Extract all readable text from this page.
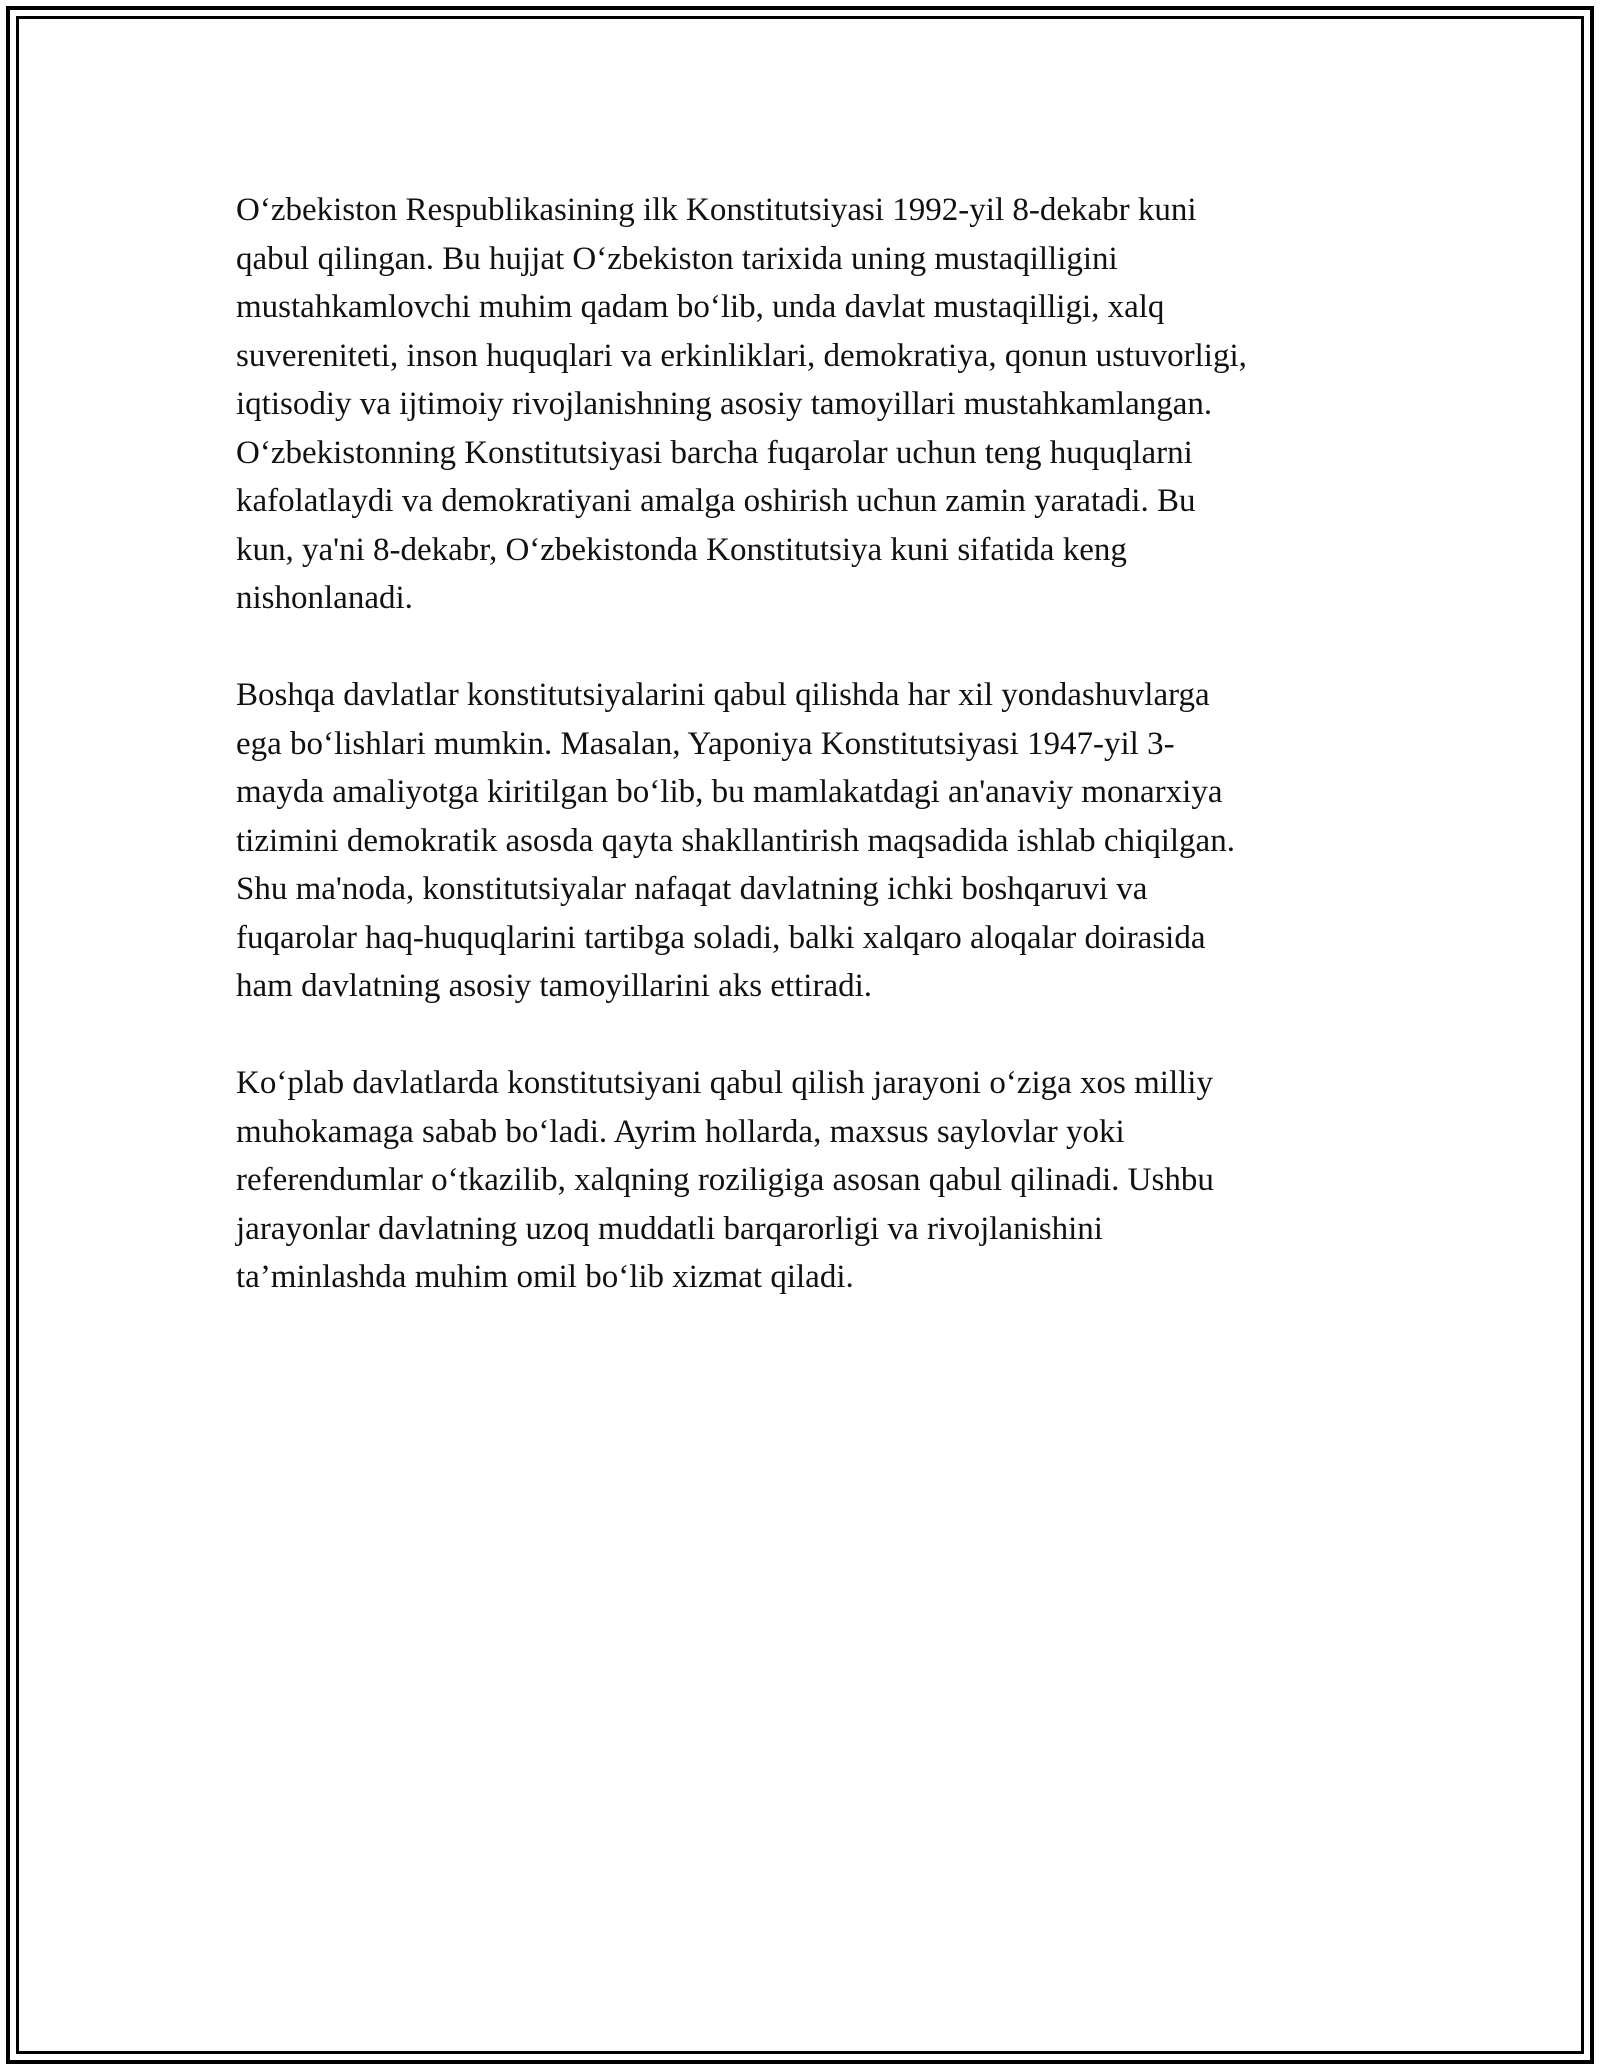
O‘zbekiston Respublikasining ilk Konstitutsiyasi 1992-yil 8-dekabr kuni
qabul qilingan. Bu hujjat O‘zbekiston tarixida uning mustaqilligini
mustahkamlovchi muhim qadam bo‘lib, unda davlat mustaqilligi, xalq
suvereniteti, inson huquqlari va erkinliklari, demokratiya, qonun ustuvorligi,
iqtisodiy va ijtimoiy rivojlanishning asosiy tamoyillari mustahkamlangan.
O‘zbekistonning Konstitutsiyasi barcha fuqarolar uchun teng huquqlarni
kafolatlaydi va demokratiyani amalga oshirish uchun zamin yaratadi. Bu
kun, ya'ni 8-dekabr, O‘zbekistonda Konstitutsiya kuni sifatida keng
nishonlanadi.

Boshqa davlatlar konstitutsiyalarini qabul qilishda har xil yondashuvlarga
ega bo‘lishlari mumkin. Masalan, Yaponiya Konstitutsiyasi 1947-yil 3-
mayda amaliyotga kiritilgan bo‘lib, bu mamlakatdagi an'anaviy monarxiya
tizimini demokratik asosda qayta shakllantirish maqsadida ishlab chiqilgan.
Shu ma'noda, konstitutsiyalar nafaqat davlatning ichki boshqaruvi va
fuqarolar haq-huquqlarini tartibga soladi, balki xalqaro aloqalar doirasida
ham davlatning asosiy tamoyillarini aks ettiradi.

Ko‘plab davlatlarda konstitutsiyani qabul qilish jarayoni o‘ziga xos milliy
muhokamaga sabab bo‘ladi. Ayrim hollarda, maxsus saylovlar yoki
referendumlar o‘tkazilib, xalqning roziligiga asosan qabul qilinadi. Ushbu
jarayonlar davlatning uzoq muddatli barqarorligi va rivojlanishini
ta’minlashda muhim omil bo‘lib xizmat qiladi.
